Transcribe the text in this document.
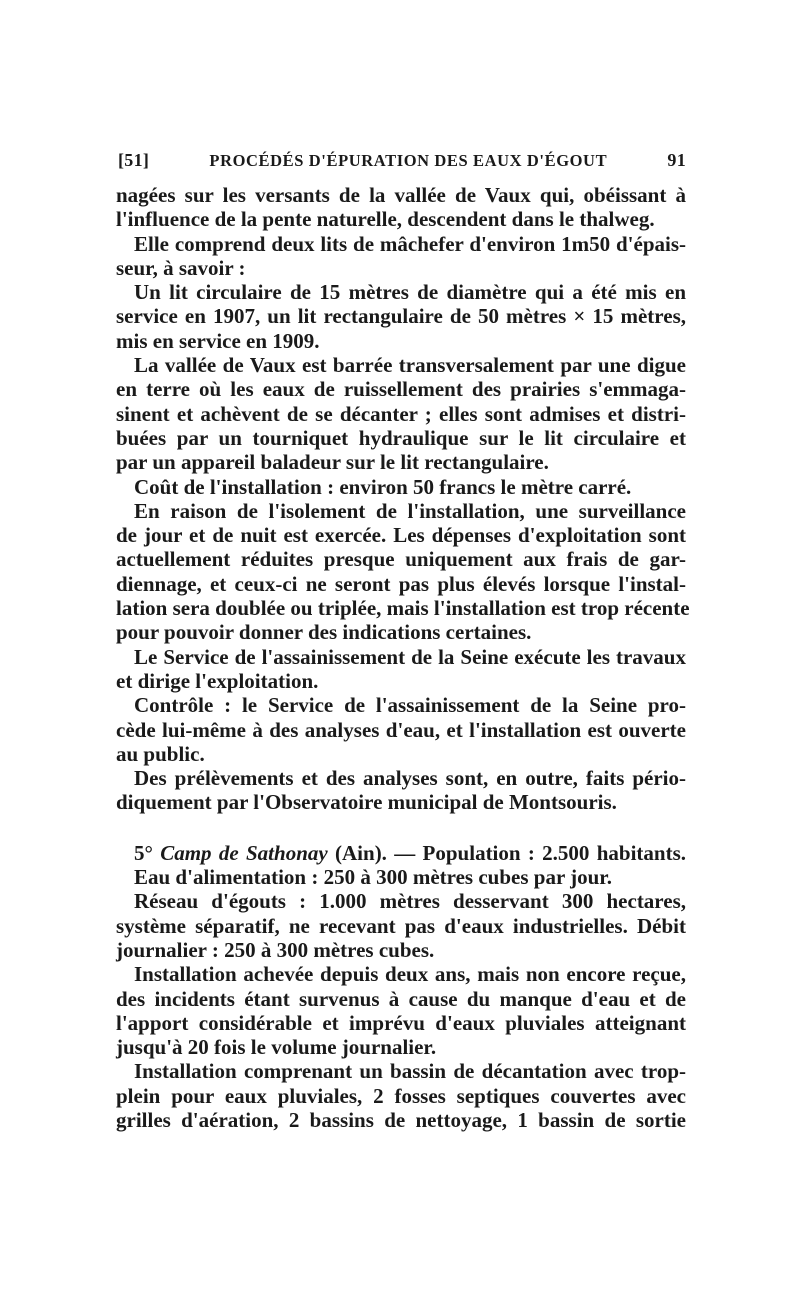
[51]	PROCÉDÉS D'ÉPURATION DES EAUX D'ÉGOUT	91
nagées sur les versants de la vallée de Vaux qui, obéissant à
l'influence de la pente naturelle, descendent dans le thalweg.
Elle comprend deux lits de mâchefer d'environ 1m50 d'épais-
seur, à savoir :
Un lit circulaire de 15 mètres de diamètre qui a été mis en
service en 1907, un lit rectangulaire de 50 mètres × 15 mètres,
mis en service en 1909.
La vallée de Vaux est barrée transversalement par une digue
en terre où les eaux de ruissellement des prairies s'emmaga-
sinent et achèvent de se décanter ; elles sont admises et distri-
buées par un tourniquet hydraulique sur le lit circulaire et
par un appareil baladeur sur le lit rectangulaire.
Coût de l'installation : environ 50 francs le mètre carré.
En raison de l'isolement de l'installation, une surveillance
de jour et de nuit est exercée. Les dépenses d'exploitation sont
actuellement réduites presque uniquement aux frais de gar-
diennage, et ceux-ci ne seront pas plus élevés lorsque l'instal-
lation sera doublée ou triplée, mais l'installation est trop récente
pour pouvoir donner des indications certaines.
Le Service de l'assainissement de la Seine exécute les travaux
et dirige l'exploitation.
Contrôle : le Service de l'assainissement de la Seine pro-
cède lui-même à des analyses d'eau, et l'installation est ouverte
au public.
Des prélèvements et des analyses sont, en outre, faits pério-
diquement par l'Observatoire municipal de Montsouris.
5° Camp de Sathonay (Ain). — Population : 2.500 habitants.
Eau d'alimentation : 250 à 300 mètres cubes par jour.
Réseau d'égouts : 1.000 mètres desservant 300 hectares,
système séparatif, ne recevant pas d'eaux industrielles. Débit
journalier : 250 à 300 mètres cubes.
Installation achevée depuis deux ans, mais non encore reçue,
des incidents étant survenus à cause du manque d'eau et de
l'apport considérable et imprévu d'eaux pluviales atteignant
jusqu'à 20 fois le volume journalier.
Installation comprenant un bassin de décantation avec trop-
plein pour eaux pluviales, 2 fosses septiques couvertes avec
grilles d'aération, 2 bassins de nettoyage, 1 bassin de sortie
